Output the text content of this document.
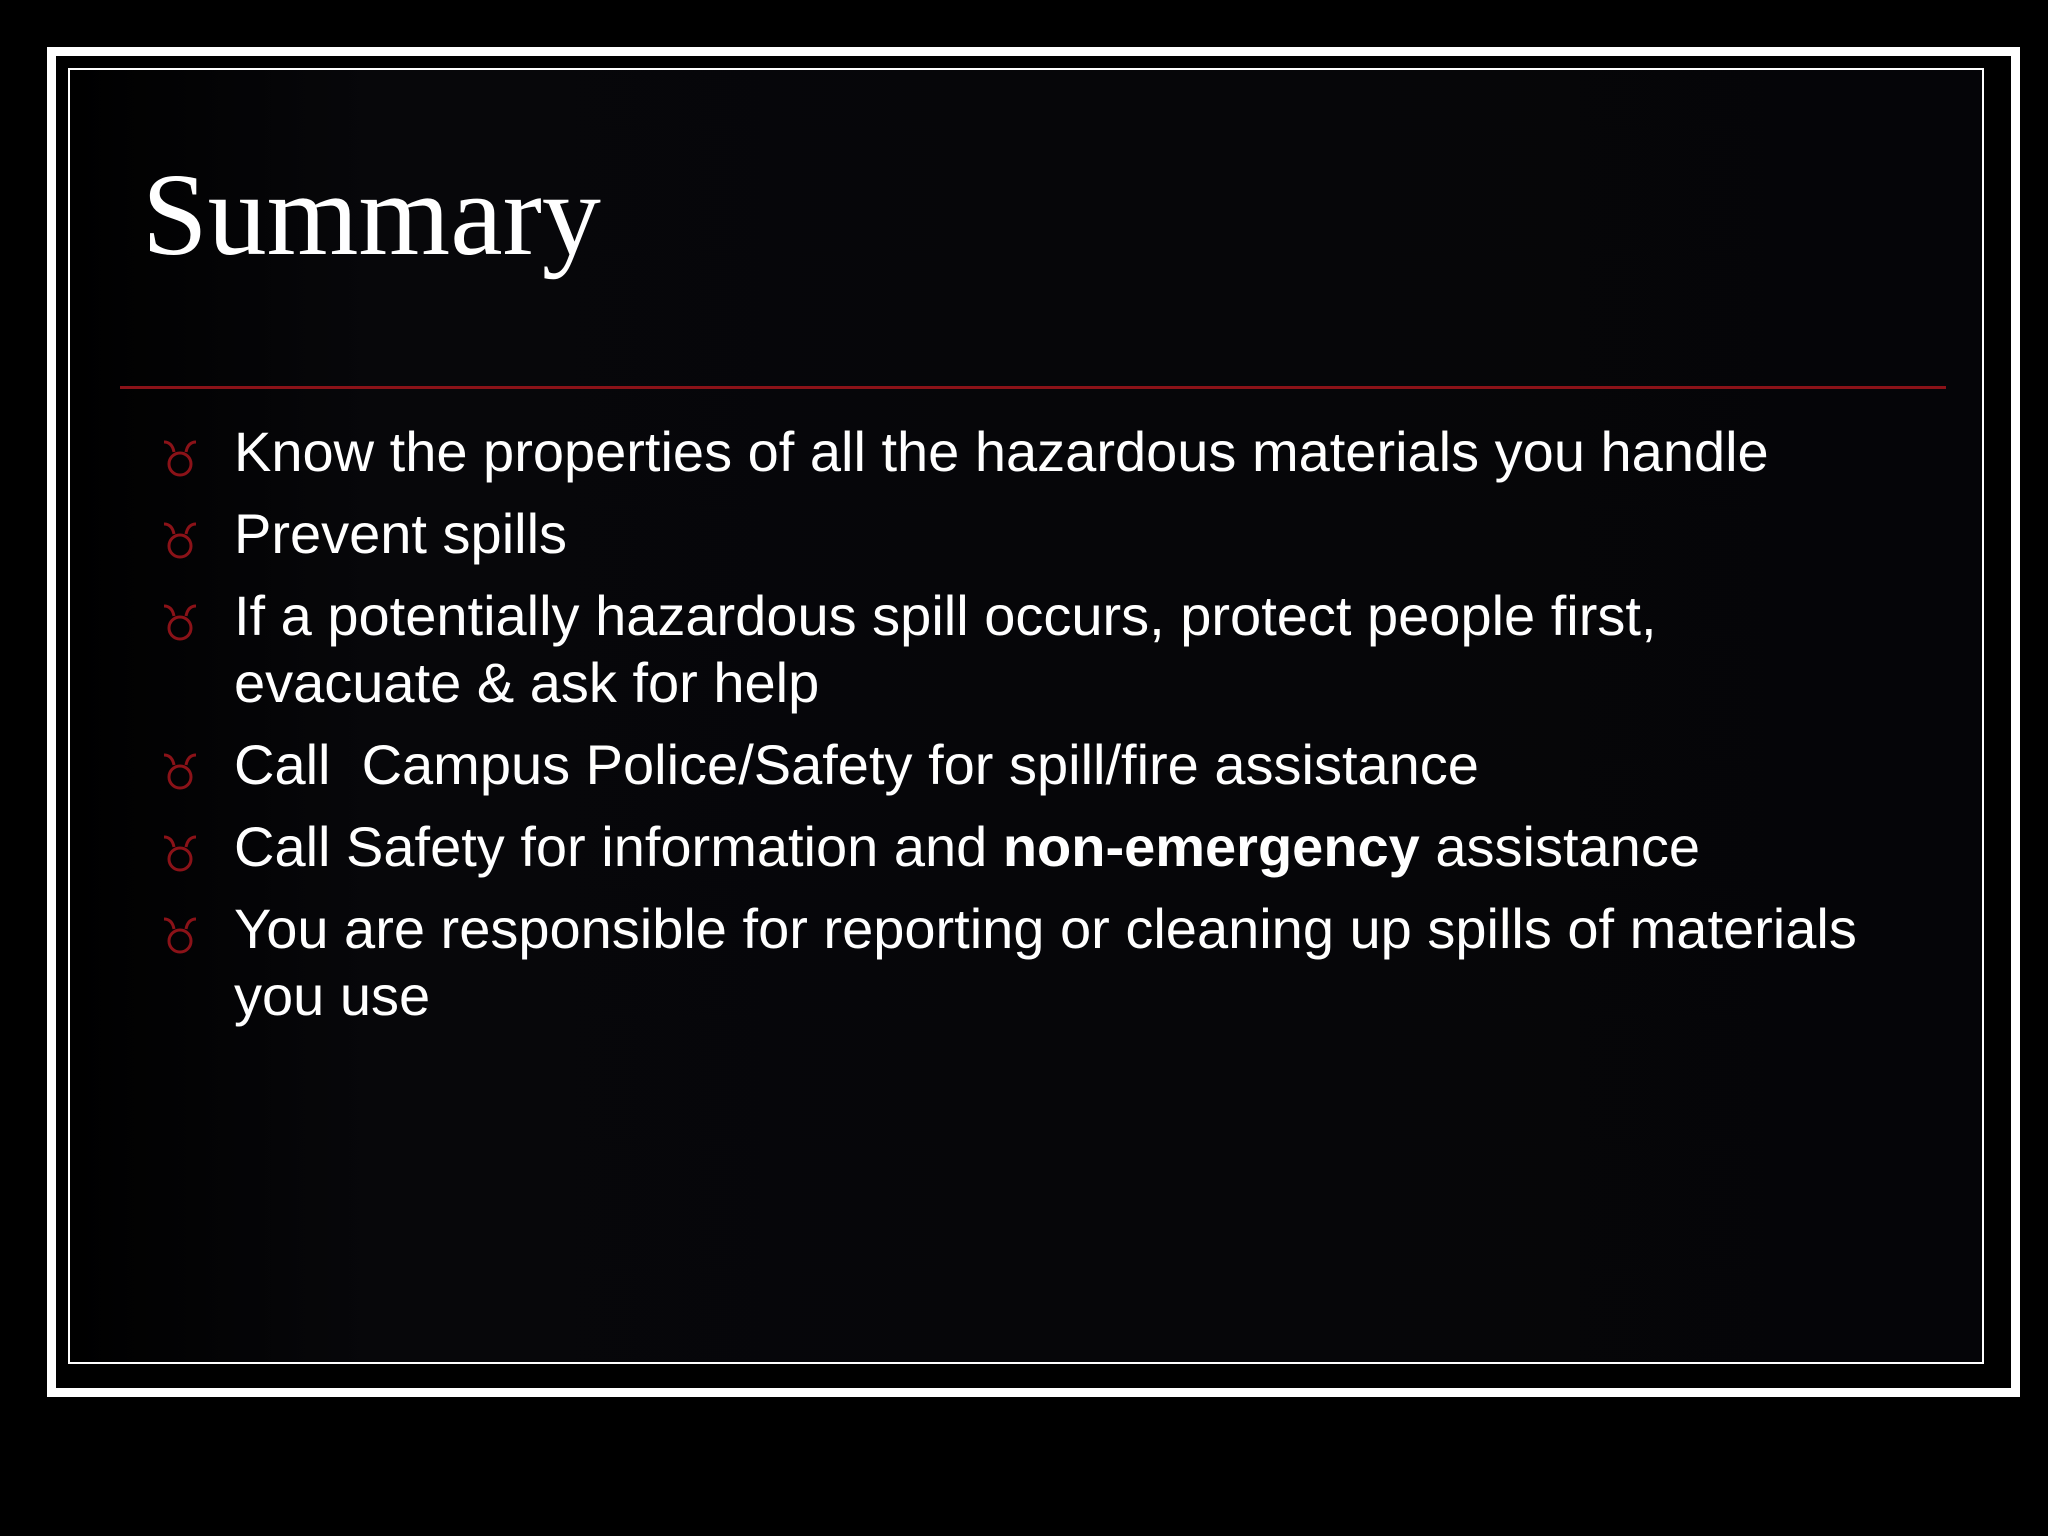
Summary
Know the properties of all the hazardous materials you handle
Prevent spills
If a potentially hazardous spill occurs, protect people first, evacuate & ask for help
Call  Campus Police/Safety for spill/fire assistance
Call Safety for information and non-emergency assistance
You are responsible for reporting or cleaning up spills of materials you use
